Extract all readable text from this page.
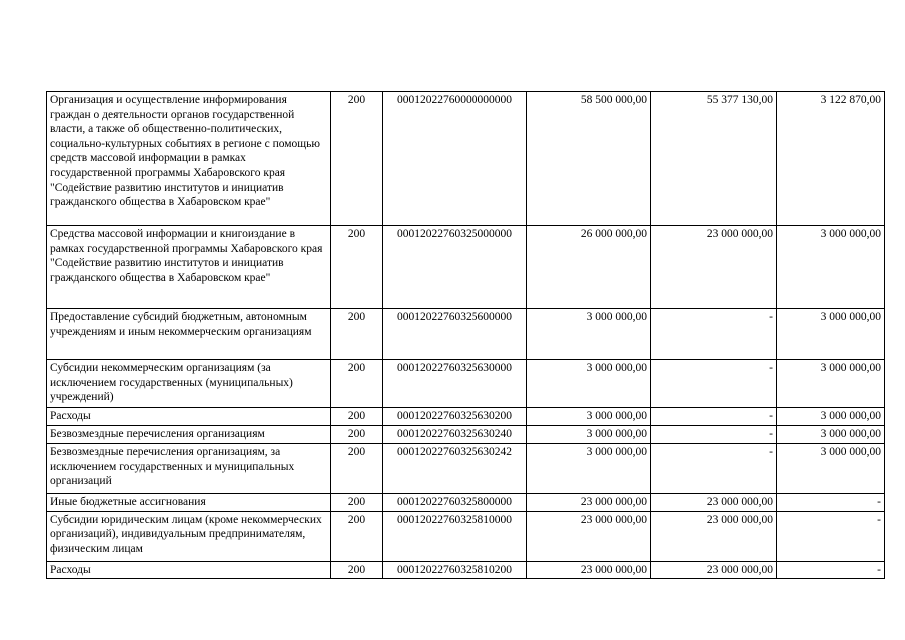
Организация и осуществление информирования граждан о деятельности органов государственной власти, а также об общественно-политических, социально-культурных событиях в регионе с помощью средств массовой информации в рамках государственной программы Хабаровского края "Содействие развитию институтов и инициатив гражданского общества в Хабаровском крае"	200	00012022760000000000	58 500 000,00	55 377 130,00	3 122 870,00
Средства массовой информации и книгоиздание в рамках государственной программы Хабаровского края "Содействие развитию институтов и инициатив гражданского общества в Хабаровском крае"	200	00012022760325000000	26 000 000,00	23 000 000,00	3 000 000,00
Предоставление субсидий бюджетным, автономным учреждениям и иным некоммерческим организациям	200	00012022760325600000	3 000 000,00	-	3 000 000,00
Субсидии некоммерческим организациям (за исключением государственных (муниципальных) учреждений)	200	00012022760325630000	3 000 000,00	-	3 000 000,00
Расходы	200	00012022760325630200	3 000 000,00	-	3 000 000,00
Безвозмездные перечисления организациям	200	00012022760325630240	3 000 000,00	-	3 000 000,00
Безвозмездные перечисления организациям, за исключением государственных и муниципальных организаций	200	00012022760325630242	3 000 000,00	-	3 000 000,00
Иные бюджетные ассигнования	200	00012022760325800000	23 000 000,00	23 000 000,00	-
Субсидии юридическим лицам (кроме некоммерческих организаций), индивидуальным предпринимателям, физическим лицам	200	00012022760325810000	23 000 000,00	23 000 000,00	-
Расходы	200	00012022760325810200	23 000 000,00	23 000 000,00	-
